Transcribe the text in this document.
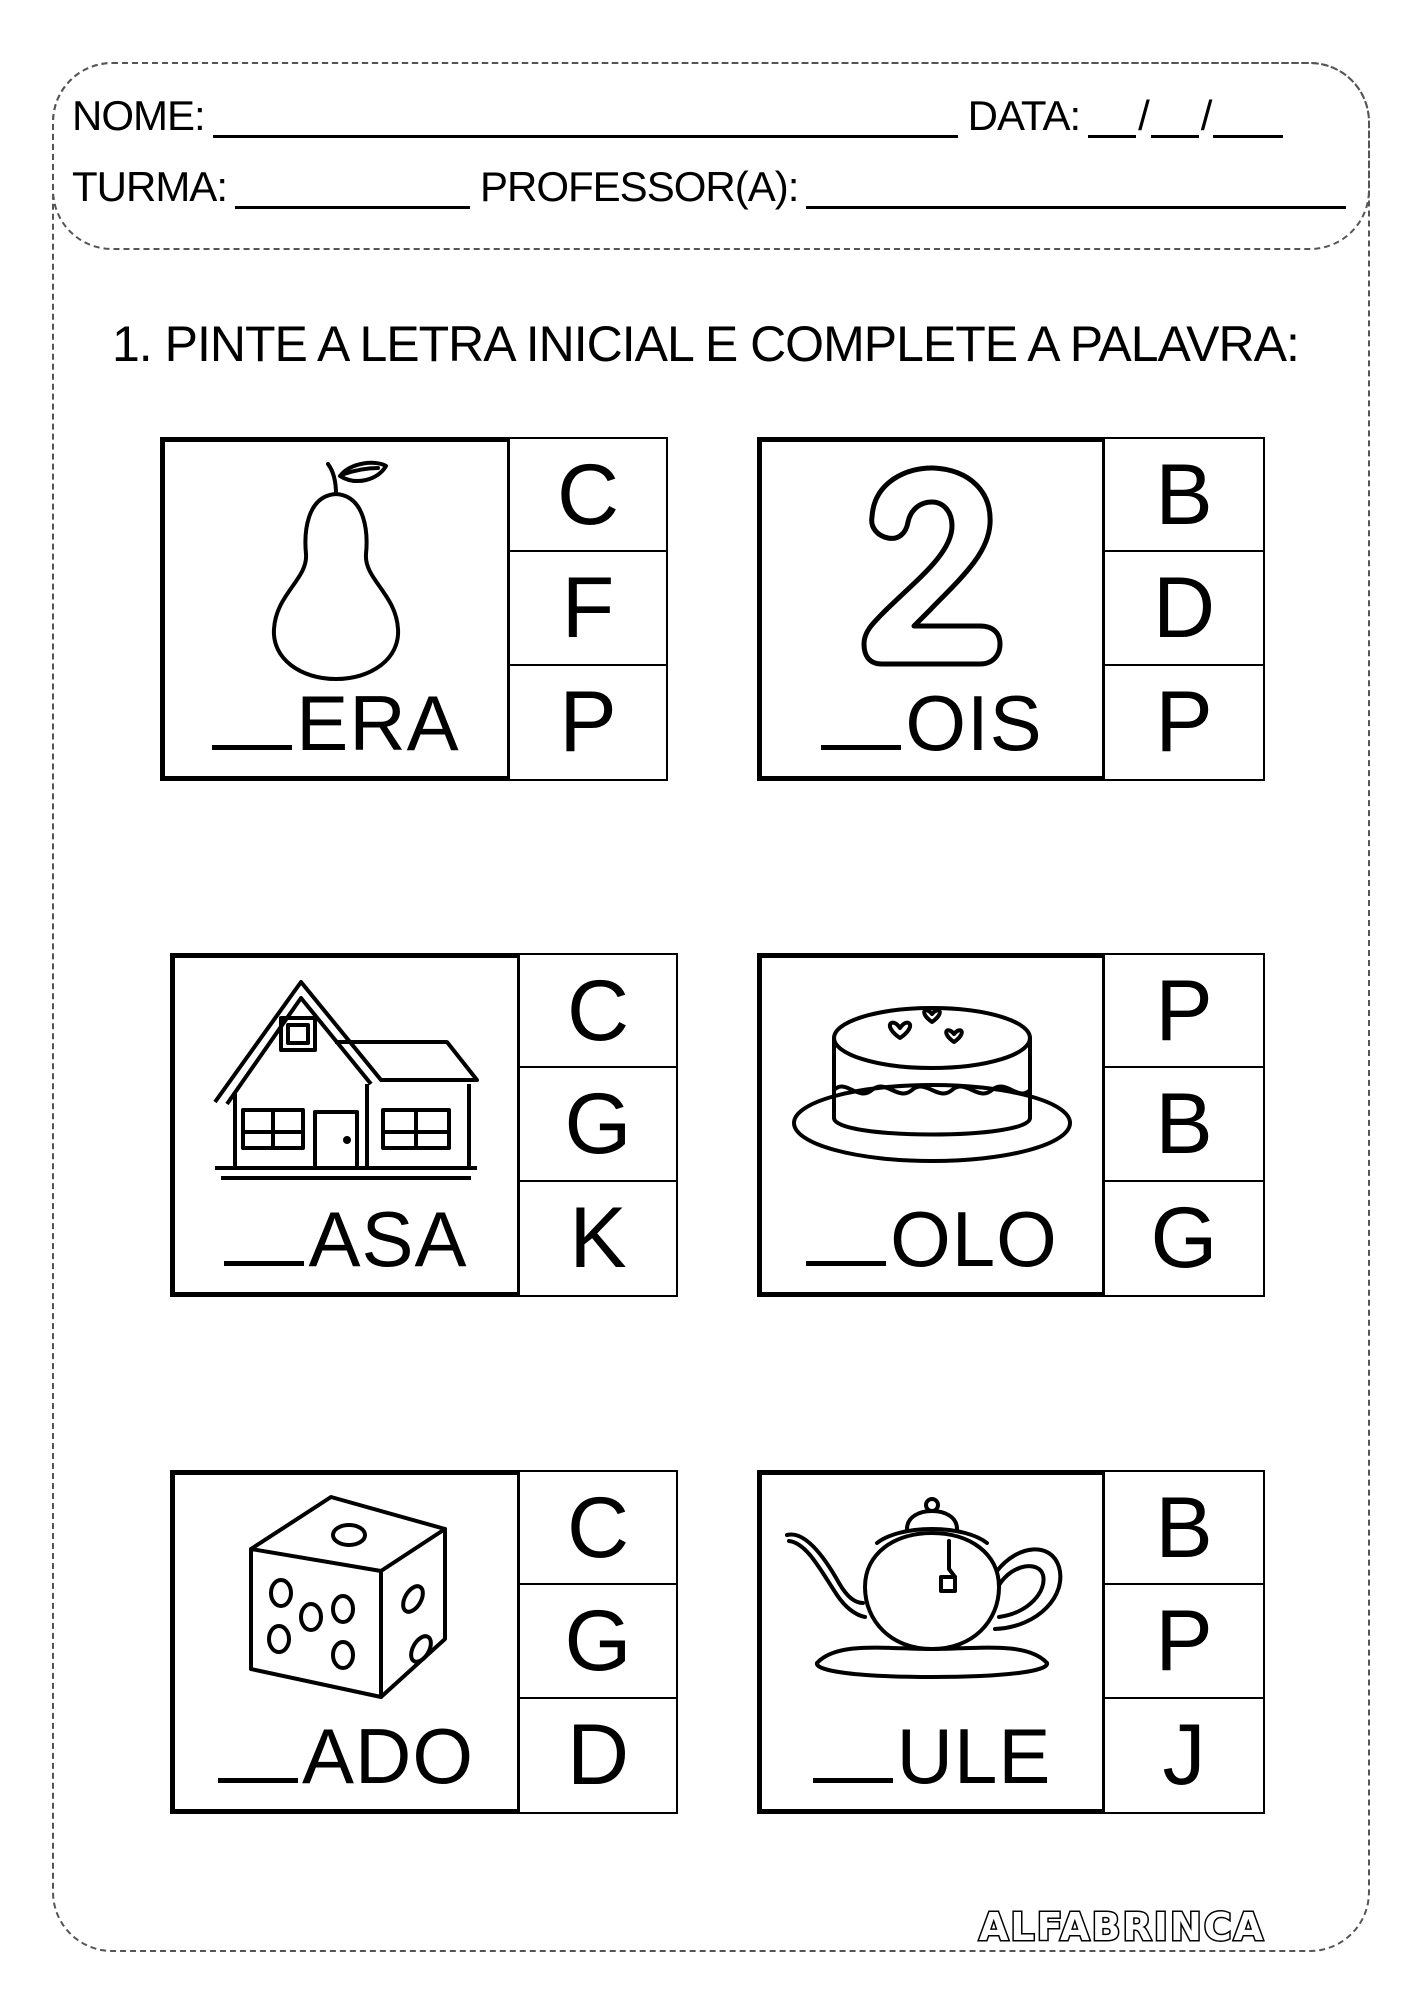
NOME:	DATA: / /
TURMA:	PROFESSOR(A):
1. PINTE A LETRA INICIAL E COMPLETE A PALAVRA:
ERA
C
F
P	OIS
B
D
P
ASA
C
G
K	OLO
P
B
G
ADO
C
G
D	ULE
B
P
J
ALFABRINCA
